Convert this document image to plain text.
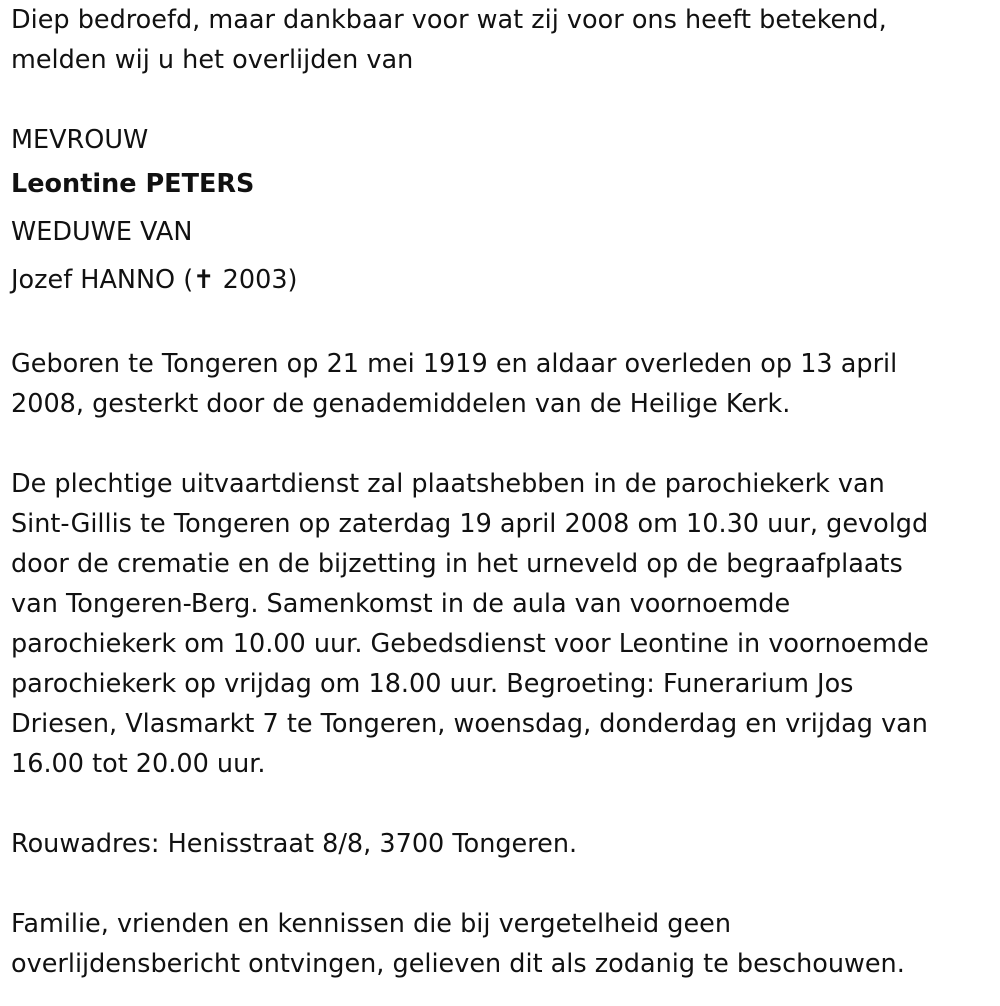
Diep bedroefd, maar dankbaar voor wat zij voor ons heeft betekend,
melden wij u het overlijden van
MEVROUW
Leontine PETERS
WEDUWE VAN
Jozef HANNO (✝ 2003)
Geboren te Tongeren op 21 mei 1919 en aldaar overleden op 13 april
2008, gesterkt door de genademiddelen van de Heilige Kerk.
De plechtige uitvaartdienst zal plaatshebben in de parochiekerk van
Sint-Gillis te Tongeren op zaterdag 19 april 2008 om 10.30 uur, gevolgd
door de crematie en de bijzetting in het urneveld op de begraafplaats
van Tongeren-Berg. Samenkomst in de aula van voornoemde
parochiekerk om 10.00 uur. Gebedsdienst voor Leontine in voornoemde
parochiekerk op vrijdag om 18.00 uur. Begroeting: Funerarium Jos
Driesen, Vlasmarkt 7 te Tongeren, woensdag, donderdag en vrijdag van
16.00 tot 20.00 uur.
Rouwadres: Henisstraat 8/8, 3700 Tongeren.
Familie, vrienden en kennissen die bij vergetelheid geen
overlijdensbericht ontvingen, gelieven dit als zodanig te beschouwen.
